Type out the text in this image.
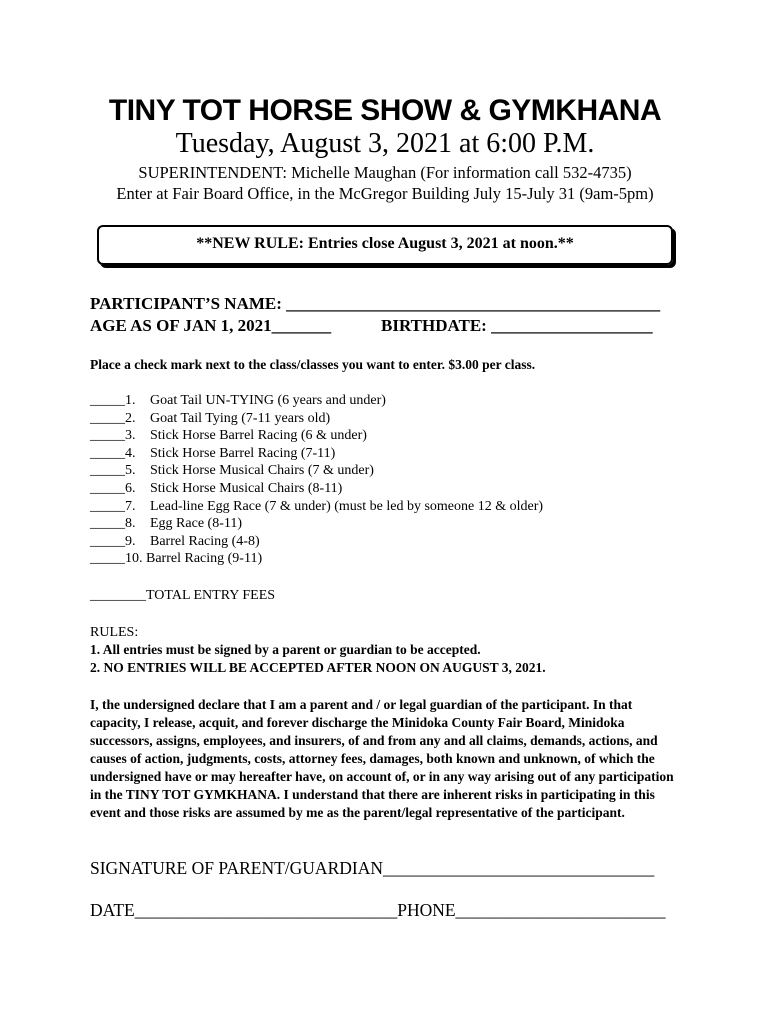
TINY TOT HORSE SHOW & GYMKHANA
Tuesday, August 3, 2021 at 6:00 P.M.
SUPERINTENDENT: Michelle Maughan (For information call 532-4735)
Enter at Fair Board Office, in the McGregor Building July 15-July 31 (9am-5pm)
**NEW RULE: Entries close August 3, 2021 at noon.**
PARTICIPANT’S NAME: ____________________________________________
AGE AS OF JAN 1, 2021_______	BIRTHDATE: ___________________
Place a check mark next to the class/classes you want to enter. $3.00 per class.
_____1. Goat Tail UN-TYING (6 years and under)
_____2. Goat Tail Tying (7-11 years old)
_____3. Stick Horse Barrel Racing (6 & under)
_____4. Stick Horse Barrel Racing (7-11)
_____5. Stick Horse Musical Chairs (7 & under)
_____6. Stick Horse Musical Chairs (8-11)
_____7. Lead-line Egg Race (7 & under) (must be led by someone 12 & older)
_____8. Egg Race (8-11)
_____9. Barrel Racing (4-8)
_____10. Barrel Racing (9-11)
________TOTAL ENTRY FEES
RULES:
1. All entries must be signed by a parent or guardian to be accepted.
2. NO ENTRIES WILL BE ACCEPTED AFTER NOON ON AUGUST 3, 2021.
I, the undersigned declare that I am a parent and / or legal guardian of the participant. In that capacity, I release, acquit, and forever discharge the Minidoka County Fair Board, Minidoka successors, assigns, employees, and insurers, of and from any and all claims, demands, actions, and causes of action, judgments, costs, attorney fees, damages, both known and unknown, of which the undersigned have or may hereafter have, on account of, or in any way arising out of any participation in the TINY TOT GYMKHANA. I understand that there are inherent risks in participating in this event and those risks are assumed by me as the parent/legal representative of the participant.
SIGNATURE OF PARENT/GUARDIAN_______________________________
DATE______________________________PHONE________________________
